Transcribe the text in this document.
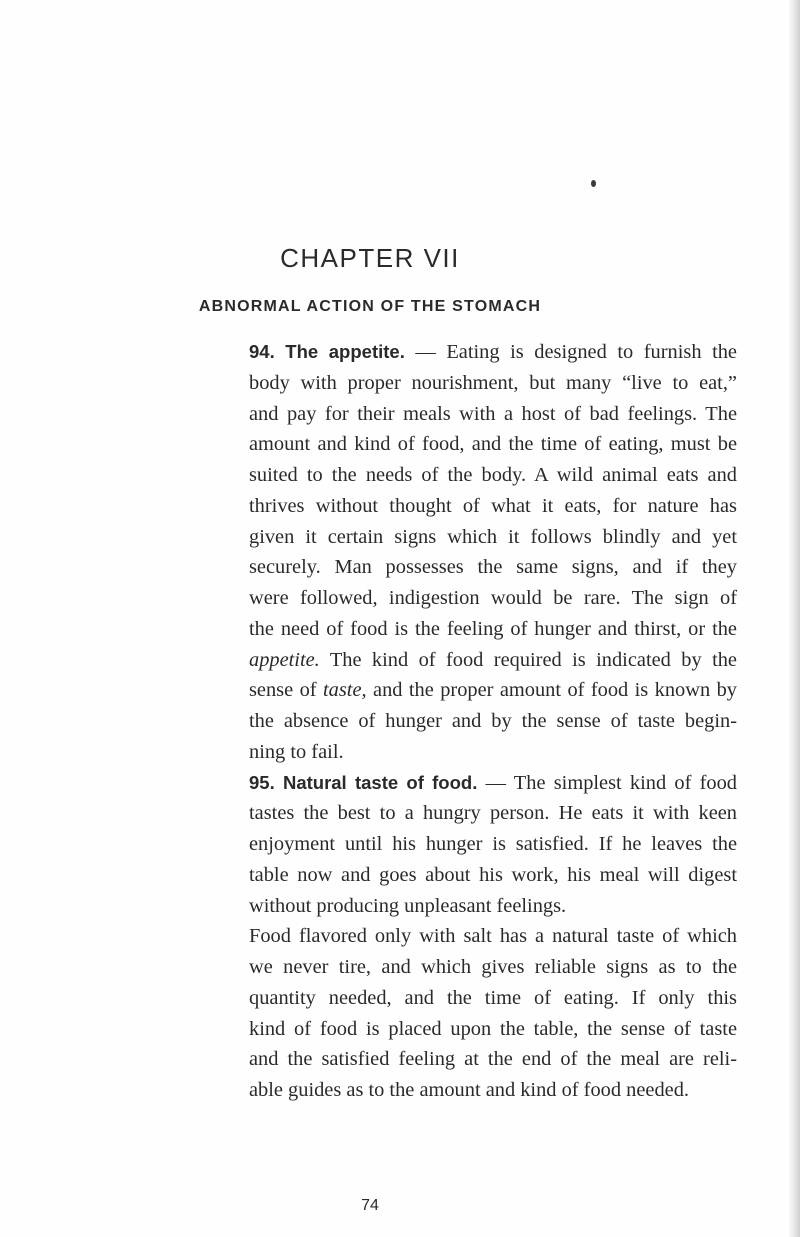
CHAPTER VII
ABNORMAL ACTION OF THE STOMACH
94. The appetite. — Eating is designed to furnish the
body with proper nourishment, but many “live to eat,”
and pay for their meals with a host of bad feelings. The
amount and kind of food, and the time of eating, must be
suited to the needs of the body. A wild animal eats and
thrives without thought of what it eats, for nature has
given it certain signs which it follows blindly and yet
securely. Man possesses the same signs, and if they
were followed, indigestion would be rare. The sign of
the need of food is the feeling of hunger and thirst, or the
appetite. The kind of food required is indicated by the
sense of taste, and the proper amount of food is known by
the absence of hunger and by the sense of taste begin-
ning to fail.
95. Natural taste of food. — The simplest kind of food
tastes the best to a hungry person. He eats it with keen
enjoyment until his hunger is satisfied. If he leaves the
table now and goes about his work, his meal will digest
without producing unpleasant feelings.
Food flavored only with salt has a natural taste of which
we never tire, and which gives reliable signs as to the
quantity needed, and the time of eating. If only this
kind of food is placed upon the table, the sense of taste
and the satisfied feeling at the end of the meal are reli-
able guides as to the amount and kind of food needed.
74
